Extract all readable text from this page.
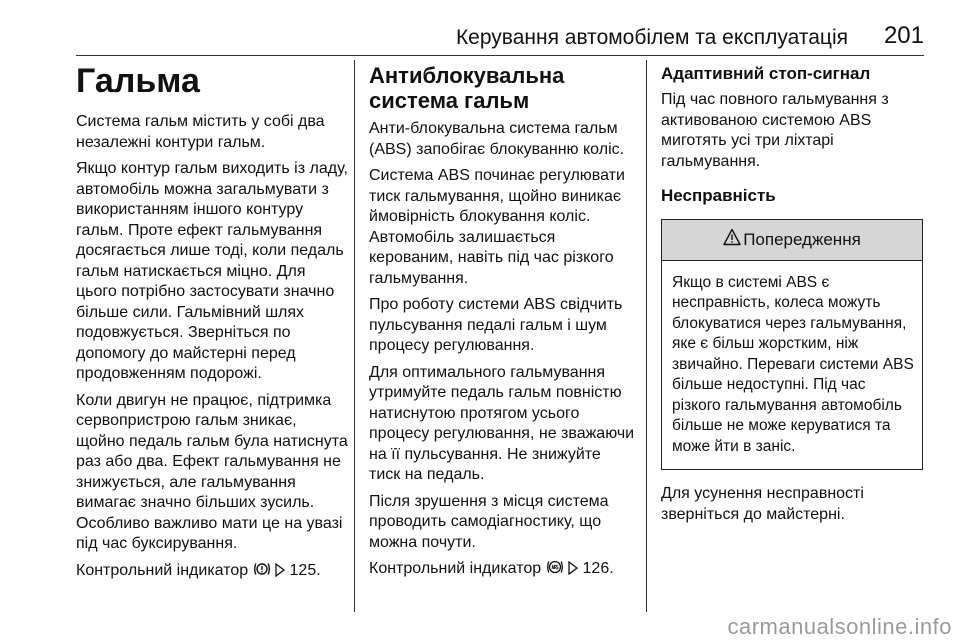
Керування автомобілем та експлуатація 201
Гальма

Система гальм містить у собі два незалежні контури гальм.

Якщо контур гальм виходить із ладу, автомобіль можна загальмувати з використанням іншого контуру гальм. Проте ефект гальмування досягається лише тоді, коли педаль гальм натискається міцно. Для цього потрібно застосувати значно більше сили. Гальмівний шлях подовжується. Зверніться по допомогу до майстерні перед продовженням подорожі.

Коли двигун не працює, підтримка сервопристрою гальм зникає, щойно педаль гальм була натиснута раз або два. Ефект гальмування не знижується, але гальмування вимагає значно більших зусиль. Особливо важливо мати це на увазі під час буксирування.

Контрольний індикатор	125.

Антиблокувальна система гальм

Анти-блокувальна система гальм (ABS) запобігає блокуванню коліс.

Система ABS починає регулювати тиск гальмування, щойно виникає ймовірність блокування коліс. Автомобіль залишається керованим, навіть під час різкого гальмування.

Про роботу системи ABS свідчить пульсування педалі гальм і шум процесу регулювання.

Для оптимального гальмування утримуйте педаль гальм повністю натиснутою протягом усього процесу регулювання, не зважаючи на її пульсування. Не знижуйте тиск на педаль.

Після зрушення з місця система проводить самодіагностику, що можна почути.

Контрольний індикатор	126.

Адаптивний стоп-сигнал

Під час повного гальмування з активованою системою ABS миготять усі три ліхтарі гальмування.

Несправність
Попередження
Якщо в системі ABS є несправність, колеса можуть блокуватися через гальмування, яке є більш жорстким, ніж звичайно. Переваги системи ABS більше недоступні. Під час різкого гальмування автомобіль більше не може керуватися та може йти в заніс.

Для усунення несправності зверніться до майстерні.

carmanualsonline.info
